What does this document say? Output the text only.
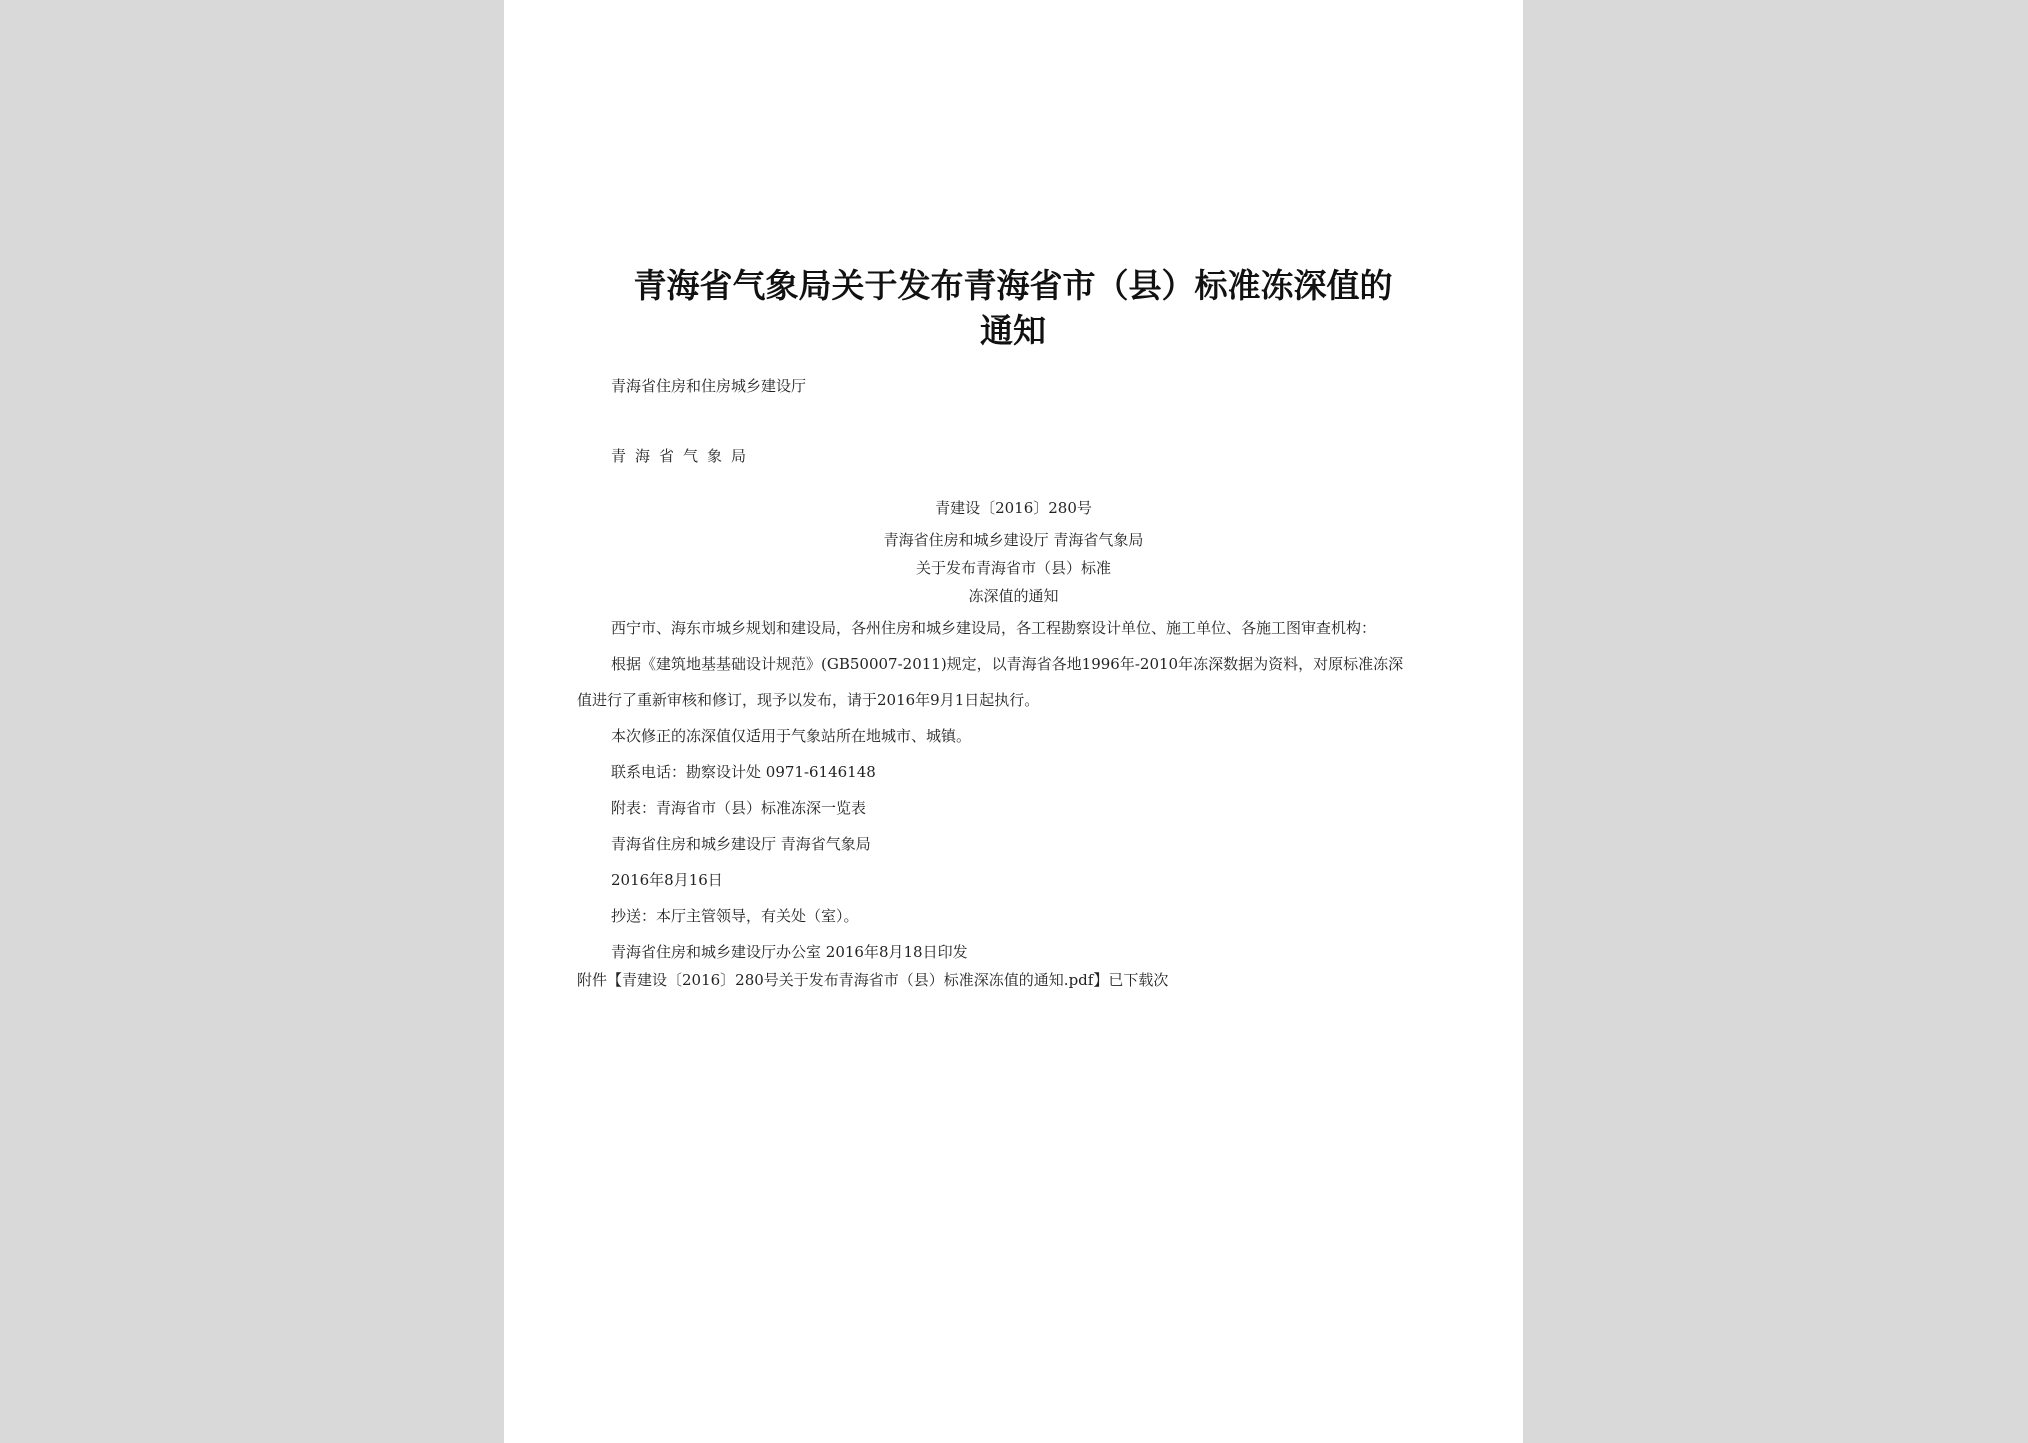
青海省气象局关于发布青海省市（县）标准冻深值的
通知
青海省住房和住房城乡建设厅
青海省气象局
青建设〔2016〕280号
青海省住房和城乡建设厅 青海省气象局
关于发布青海省市（县）标准
冻深值的通知
西宁市、海东市城乡规划和建设局，各州住房和城乡建设局，各工程勘察设计单位、施工单位、各施工图审查机构：
根据《建筑地基基础设计规范》(GB50007-2011)规定，以青海省各地1996年-2010年冻深数据为资料，对原标准冻深
值进行了重新审核和修订，现予以发布，请于2016年9月1日起执行。
本次修正的冻深值仅适用于气象站所在地城市、城镇。
联系电话：勘察设计处 0971-6146148
附表：青海省市（县）标准冻深一览表
青海省住房和城乡建设厅 青海省气象局
2016年8月16日
抄送：本厅主管领导，有关处（室）。
青海省住房和城乡建设厅办公室 2016年8月18日印发
附件【青建设〔2016〕280号关于发布青海省市（县）标准深冻值的通知.pdf】已下载次
